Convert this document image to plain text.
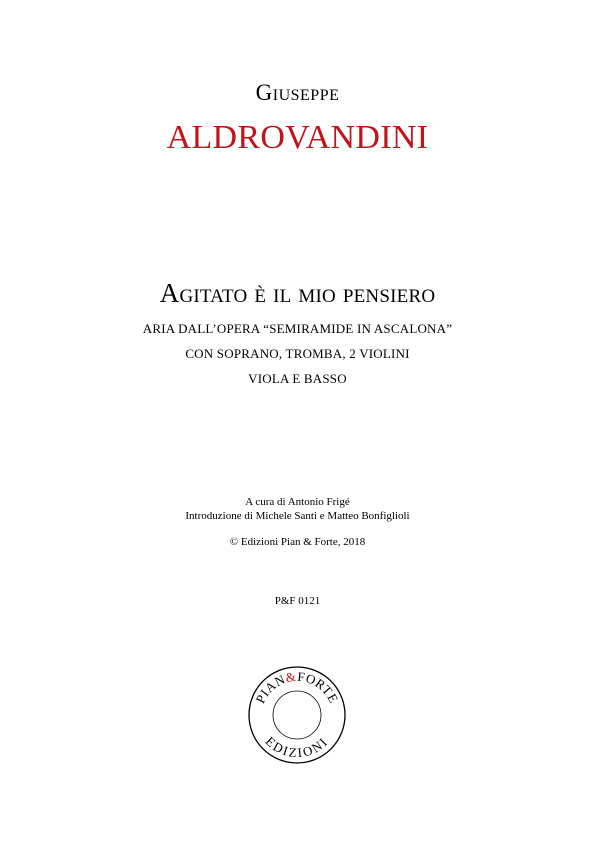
Giuseppe
ALDROVANDINI
Agitato è il mio pensiero
ARIA DALL’OPERA “SEMIRAMIDE IN ASCALONA”
CON SOPRANO, TROMBA, 2 VIOLINI
VIOLA E BASSO
A cura di Antonio Frigé
Introduzione di Michele Santi e Matteo Bonfiglioli
© Edizioni Pian & Forte, 2018
P&F 0121
PIAN&FORTE
EDIZIONI
